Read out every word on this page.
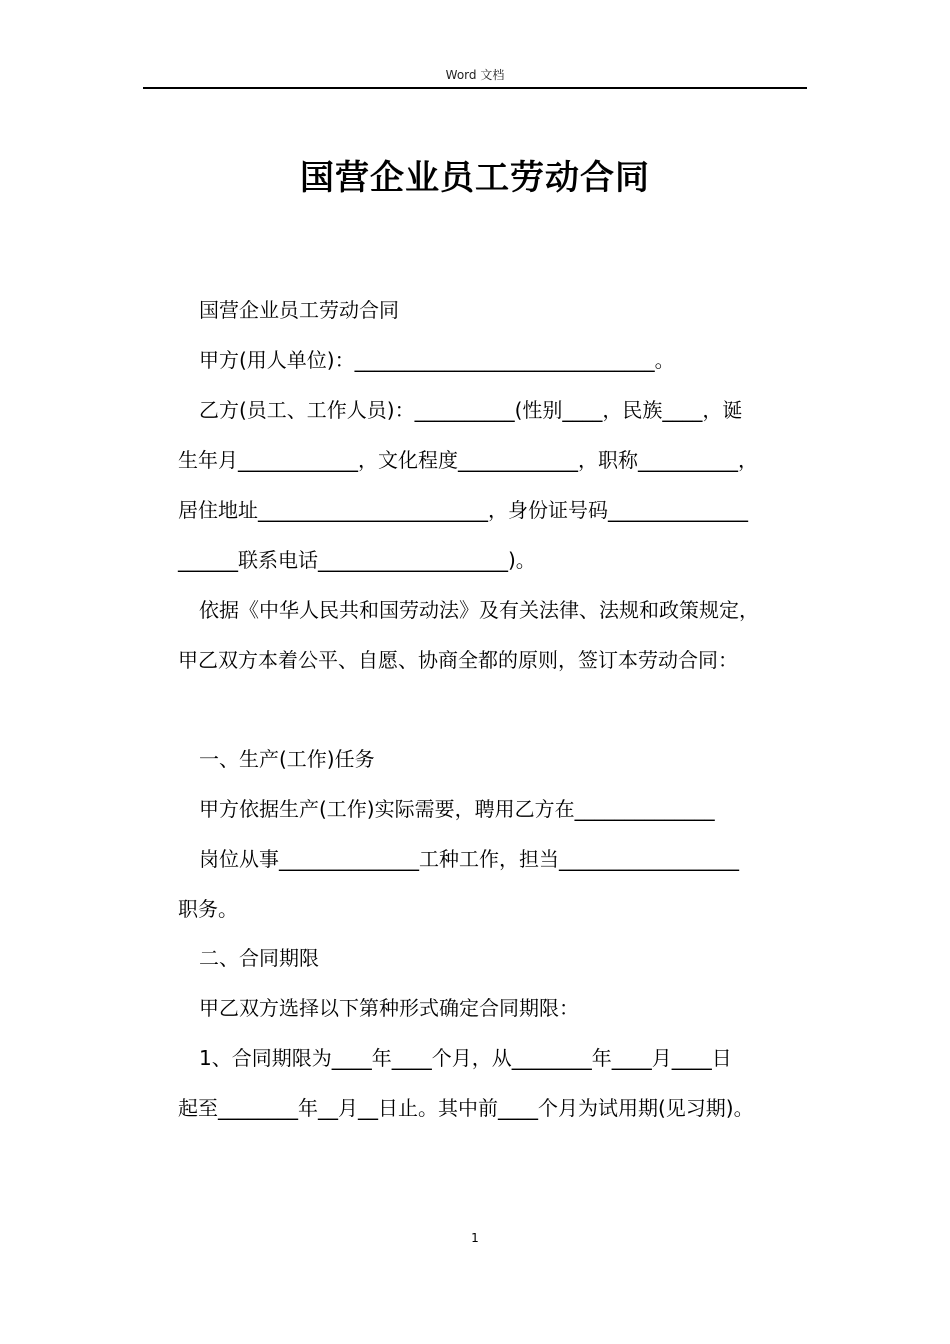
Word 文档
国营企业员工劳动合同
国营企业员工劳动合同
甲方(用人单位)：______________________________。
乙方(员工、工作人员)：__________(性别____，民族____，诞
生年月____________，文化程度____________，职称__________，
居住地址_______________________，身份证号码______________
______联系电话___________________)。
依据《中华人民共和国劳动法》及有关法律、法规和政策规定，
甲乙双方本着公平、自愿、协商全都的原则，签订本劳动合同：
一、生产(工作)任务
甲方依据生产(工作)实际需要，聘用乙方在______________
岗位从事______________工种工作，担当__________________
职务。
二、合同期限
甲乙双方选择以下第种形式确定合同期限：
1、合同期限为____年____个月，从________年____月____日
起至________年__月__日止。其中前____个月为试用期(见习期)。
1
